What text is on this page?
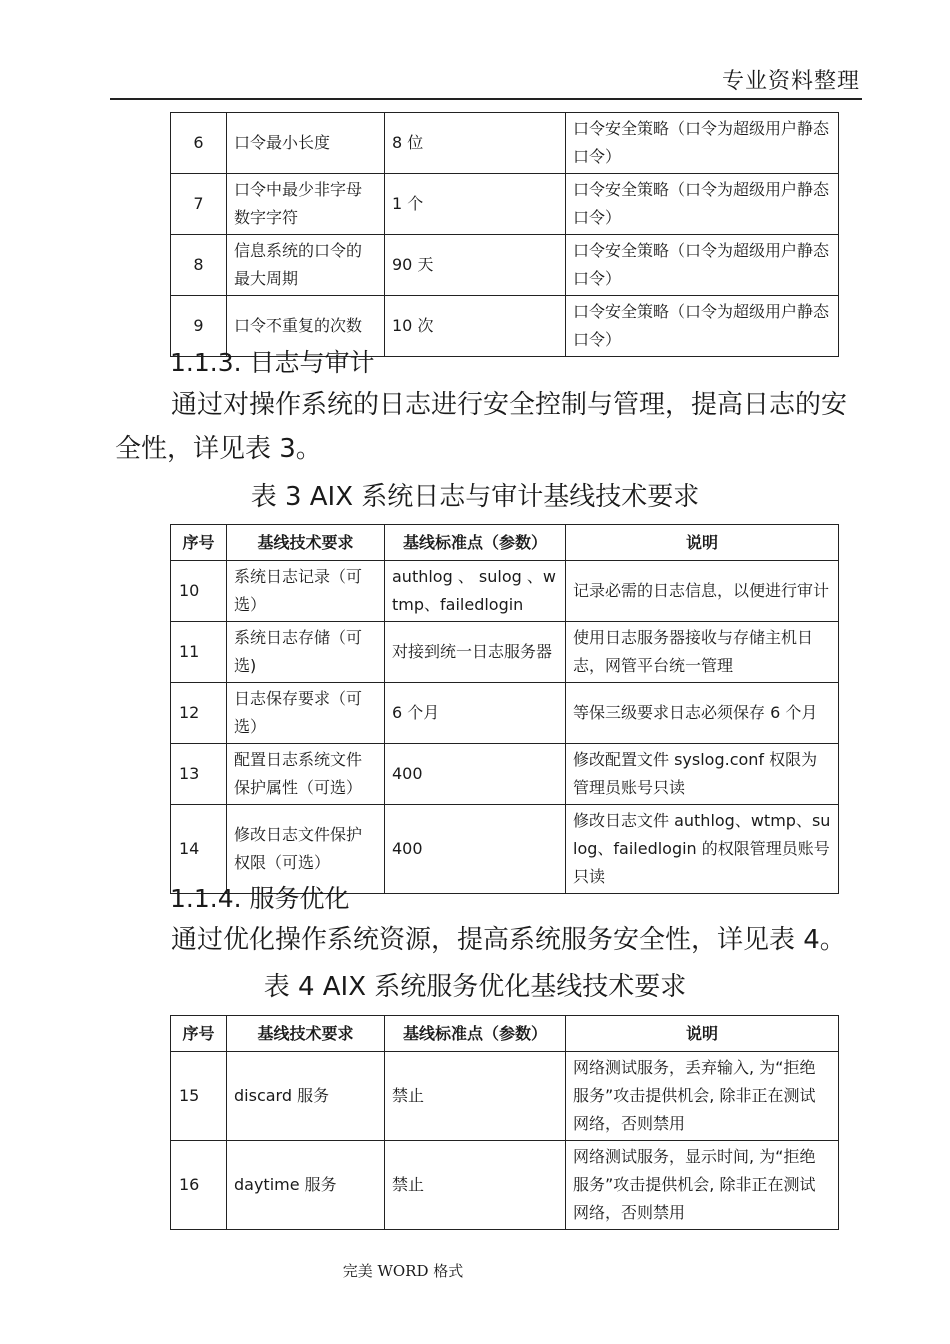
专业资料整理
6	口令最小长度	8 位	口令安全策略（口令为超级用户静态口令）
7	口令中最少非字母数字字符	1 个	口令安全策略（口令为超级用户静态口令）
8	信息系统的口令的最大周期	90 天	口令安全策略（口令为超级用户静态口令）
9	口令不重复的次数	10 次	口令安全策略（口令为超级用户静态口令）
1.1.3. 日志与审计
通过对操作系统的日志进行安全控制与管理，提高日志的安全性，详见表 3。
表 3 AIX 系统日志与审计基线技术要求
序号	基线技术要求	基线标准点（参数）	说明
10	系统日志记录（可选）	authlog 、 sulog 、wtmp、failedlogin	记录必需的日志信息，以便进行审计
11	系统日志存储（可选)	对接到统一日志服务器	使用日志服务器接收与存储主机日志，网管平台统一管理
12	日志保存要求（可选）	6 个月	等保三级要求日志必须保存 6 个月
13	配置日志系统文件保护属性（可选）	400	修改配置文件 syslog.conf 权限为管理员账号只读
14	修改日志文件保护权限（可选）	400	修改日志文件 authlog、wtmp、sulog、failedlogin 的权限管理员账号只读
1.1.4. 服务优化
通过优化操作系统资源，提高系统服务安全性，详见表 4。
表 4 AIX 系统服务优化基线技术要求
序号	基线技术要求	基线标准点（参数）	说明
15	discard 服务	禁止	网络测试服务，丢弃输入, 为“拒绝服务”攻击提供机会, 除非正在测试网络，否则禁用
16	daytime 服务	禁止	网络测试服务，显示时间, 为“拒绝服务”攻击提供机会, 除非正在测试网络，否则禁用
完美 WORD 格式
